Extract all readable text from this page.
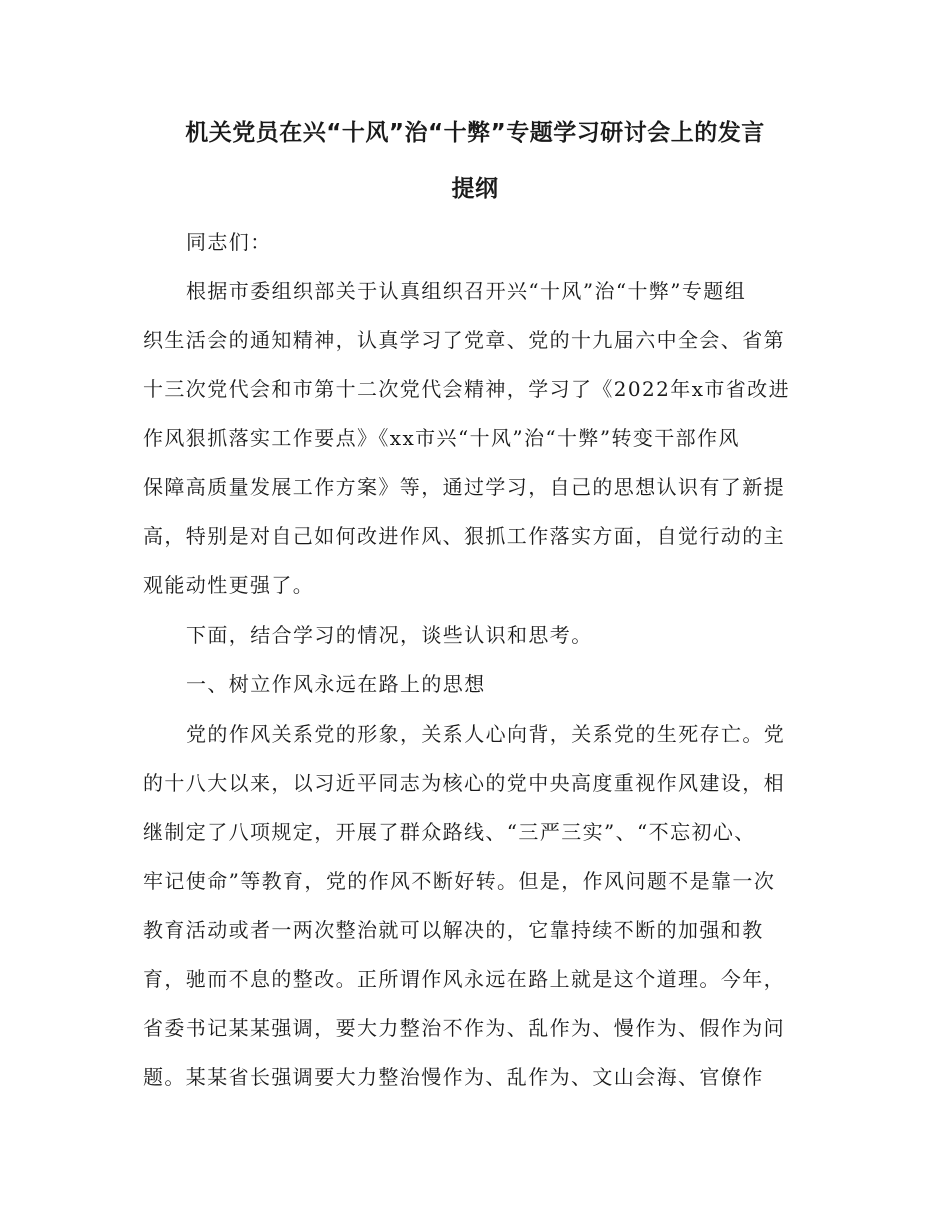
机关党员在兴“十风”治“十弊”专题学习研讨会上的发言
提纲
同志们：
根据市委组织部关于认真组织召开兴“十风”治“十弊”专题组
织生活会的通知精神，认真学习了党章、党的十九届六中全会、省第
十三次党代会和市第十二次党代会精神，学习了《2022年x市省改进
作风狠抓落实工作要点》《xx市兴“十风”治“十弊”转变干部作风
保障高质量发展工作方案》等，通过学习，自己的思想认识有了新提
高，特别是对自己如何改进作风、狠抓工作落实方面，自觉行动的主
观能动性更强了。
下面，结合学习的情况，谈些认识和思考。
一、树立作风永远在路上的思想
党的作风关系党的形象，关系人心向背，关系党的生死存亡。党
的十八大以来，以习近平同志为核心的党中央高度重视作风建设，相
继制定了八项规定，开展了群众路线、“三严三实”、“不忘初心、
牢记使命”等教育，党的作风不断好转。但是，作风问题不是靠一次
教育活动或者一两次整治就可以解决的，它靠持续不断的加强和教
育，驰而不息的整改。正所谓作风永远在路上就是这个道理。今年，
省委书记某某强调，要大力整治不作为、乱作为、慢作为、假作为问
题。某某省长强调要大力整治慢作为、乱作为、文山会海、官僚作
